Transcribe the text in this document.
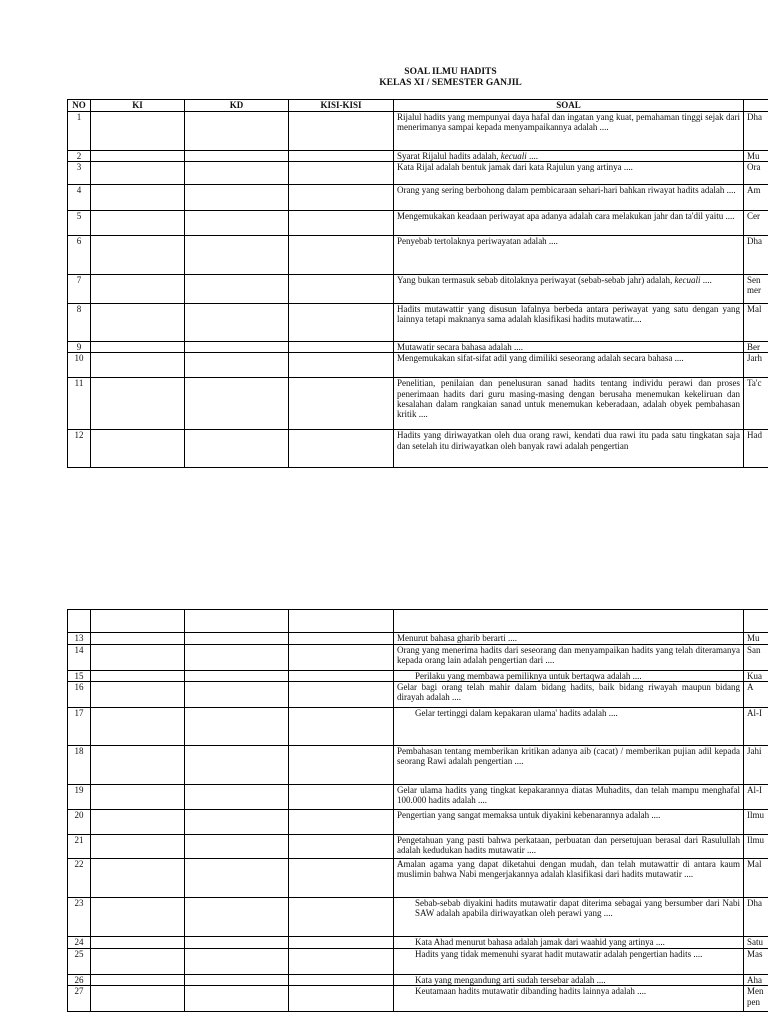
SOAL ILMU HADITS
KELAS XI / SEMESTER GANJIL
NO	KI	KD	KISI-KISI	SOAL	
1				Rijalul hadits yang mempunyai daya hafal dan ingatan yang kuat, pemahaman tinggi sejak dari menerimanya sampai kepada menyampaikannya adalah ....	Dha
2				Syarat Rijalul hadits adalah, kecuali ....	Mu
3				Kata Rijal adalah bentuk jamak dari kata Rajulun yang artinya ....	Ora
4				Orang yang sering berbohong dalam pembicaraan sehari-hari bahkan riwayat hadits adalah ....	Am
5				Mengemukakan keadaan periwayat apa adanya adalah cara melakukan jahr dan ta'dil yaitu ....	Cer
6				Penyebab tertolaknya periwayatan adalah ....	Dha
7				Yang bukan termasuk sebab ditolaknya periwayat (sebab-sebab jahr) adalah, kecuali ....	Sen
mer
8				Hadits mutawattir yang disusun lafalnya berbeda antara periwayat yang satu dengan yang lainnya tetapi maknanya sama adalah klasifikasi hadits mutawatir....	Mal
9				Mutawatir secara bahasa adalah ....	Ber
10				Mengemukakan sifat-sifat adil yang dimiliki seseorang adalah secara bahasa ....	Jarh
11				Penelitian, penilaian dan penelusuran sanad hadits tentang individu perawi dan proses penerimaan hadits dari guru masing-masing dengan berusaha menemukan kekeliruan dan kesalahan dalam rangkaian sanad untuk menemukan keberadaan, adalah obyek pembahasan kritik ....	Ta'c
12				Hadits yang diriwayatkan oleh dua orang rawi, kendati dua rawi itu pada satu tingkatan saja dan setelah itu diriwayatkan oleh banyak rawi adalah pengertian	Had

13				Menurut bahasa gharib berarti ....	Mu
14				Orang yang menerima hadits dari seseorang dan menyampaikan hadits yang telah diteramanya kepada orang lain adalah pengertian dari ....	San
15				Perilaku yang membawa pemiliknya untuk bertaqwa adalah ....	Kua
16				Gelar bagi orang telah mahir dalam bidang hadits, baik bidang riwayah maupun bidang dirayah adalah ....	A
17				Gelar tertinggi dalam kepakaran ulama' hadits adalah ....	Al-I
18				Pembahasan tentang memberikan kritikan adanya aib (cacat) / memberikan pujian adil kepada seorang Rawi adalah pengertian ....	Jahi
19				Gelar ulama hadits yang tingkat kepakarannya diatas Muhadits, dan telah mampu menghafal 100.000 hadits adalah ....	Al-I
20				Pengertian yang sangat memaksa untuk diyakini kebenarannya adalah ....	Ilmu
21				Pengetahuan yang pasti bahwa perkataan, perbuatan dan persetujuan berasal dari Rasulullah adalah kedudukan hadits mutawatir ....	Ilmu
22				Amalan agama yang dapat diketahui dengan mudah, dan telah mutawattir di antara kaum muslimin bahwa Nabi mengerjakannya adalah klasifikasi dari hadits mutawatir ....	Mal
23				Sebab-sebab diyakini hadits mutawatir dapat diterima sebagai yang bersumber dari Nabi SAW adalah apabila diriwayatkan oleh perawi yang ....	Dha
24				Kata Ahad menurut bahasa adalah jamak dari waahid yang artinya ....	Satu
25				Hadits yang tidak memenuhi syarat hadit mutawatir adalah pengertian hadits ....	Mas
26				Kata yang mengandung arti sudah tersebar adalah ....	Aha
27				Keutamaan hadits mutawatir dibanding hadits lainnya adalah ....	Men
pen
